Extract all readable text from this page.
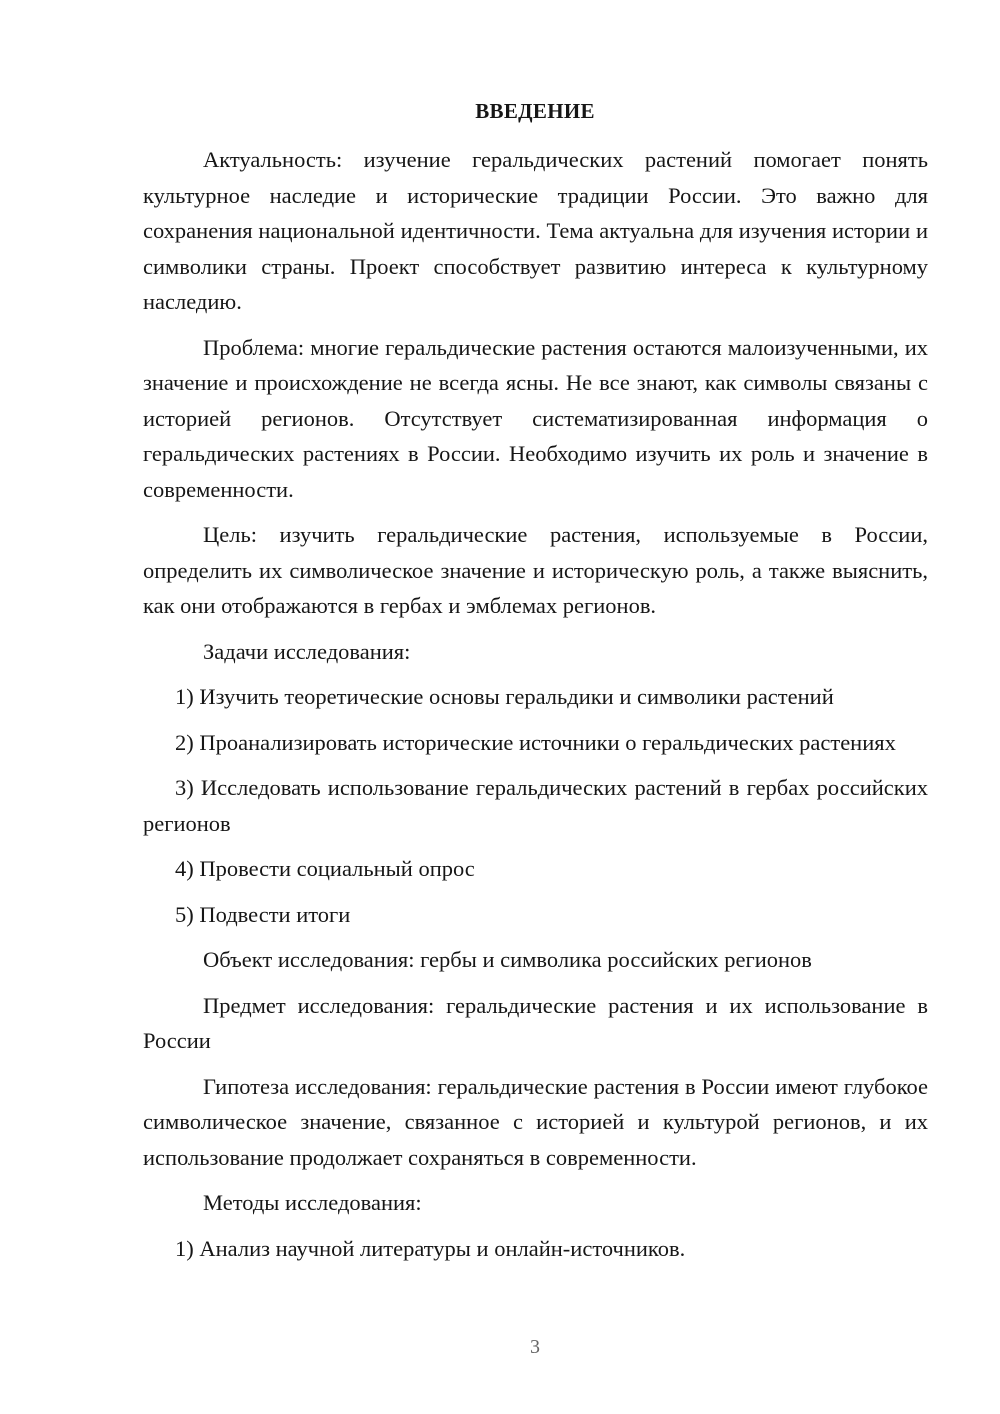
ВВЕДЕНИЕ

Актуальность: изучение геральдических растений помогает понять культурное наследие и исторические традиции России. Это важно для сохранения национальной идентичности. Тема актуальна для изучения истории и символики страны. Проект способствует развитию интереса к культурному наследию.

Проблема: многие геральдические растения остаются малоизученными, их значение и происхождение не всегда ясны. Не все знают, как символы связаны с историей регионов. Отсутствует систематизированная информация о геральдических растениях в России. Необходимо изучить их роль и значение в современности.

Цель: изучить геральдические растения, используемые в России, определить их символическое значение и историческую роль, а также выяснить, как они отображаются в гербах и эмблемах регионов.

Задачи исследования:

1) Изучить теоретические основы геральдики и символики растений

2) Проанализировать исторические источники о геральдических растениях

3) Исследовать использование геральдических растений в гербах российских регионов

4) Провести социальный опрос

5) Подвести итоги

Объект исследования: гербы и символика российских регионов

Предмет исследования: геральдические растения и их использование в России

Гипотеза исследования: геральдические растения в России имеют глубокое символическое значение, связанное с историей и культурой регионов, и их использование продолжает сохраняться в современности.

Методы исследования:

1) Анализ научной литературы и онлайн-источников.

3
